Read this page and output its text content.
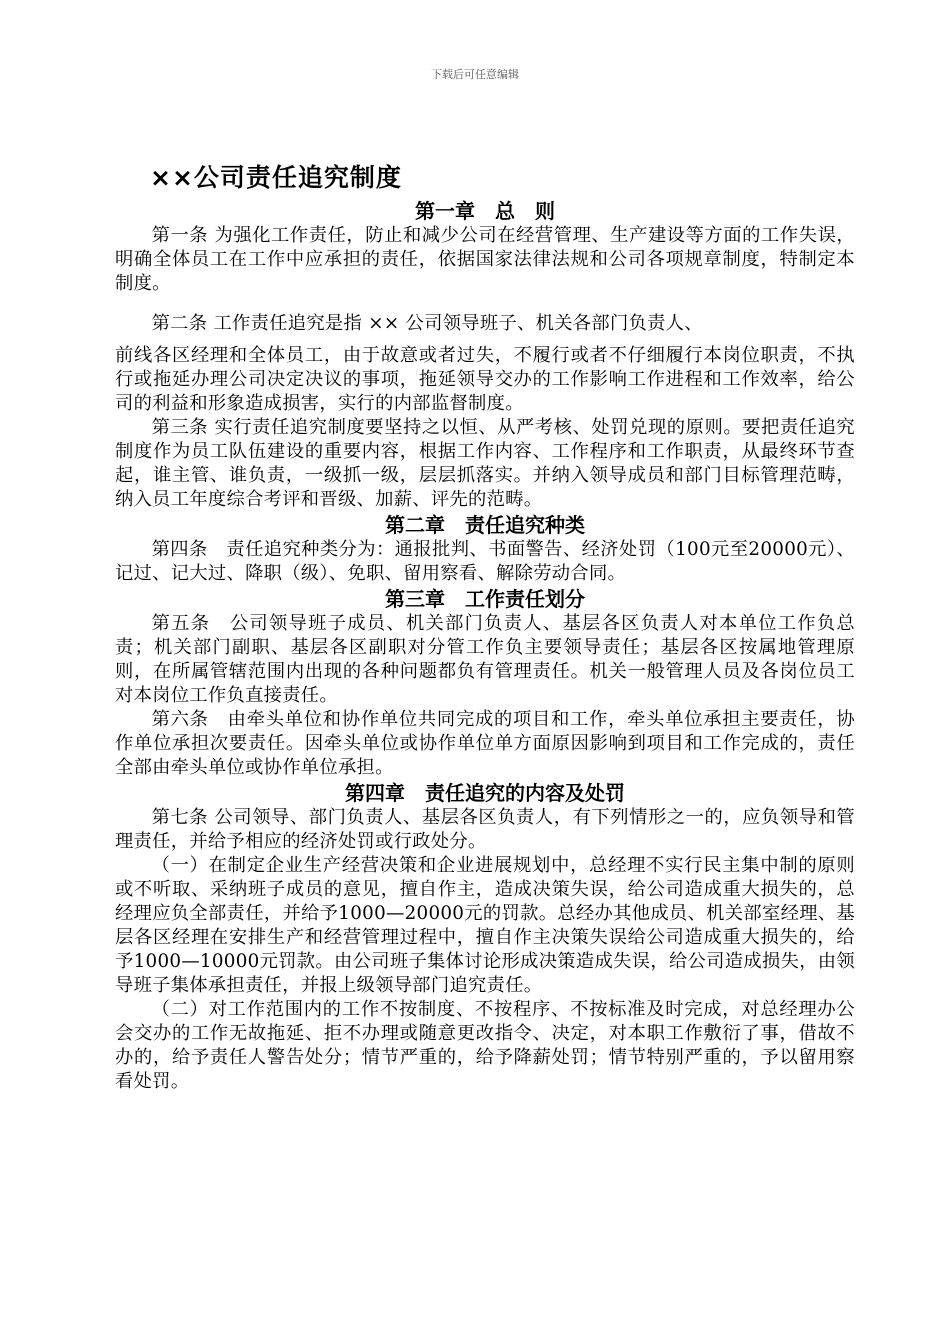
下载后可任意编辑
××公司责任追究制度
第一章　总　则

第一条 为强化工作责任，防止和减少公司在经营管理、生产建设等方面的工作失误，明确全体员工在工作中应承担的责任，依据国家法律法规和公司各项规章制度，特制定本制度。

第二条 工作责任追究是指 ×× 公司领导班子、机关各部门负责人、

前线各区经理和全体员工，由于故意或者过失，不履行或者不仔细履行本岗位职责，不执行或拖延办理公司决定决议的事项，拖延领导交办的工作影响工作进程和工作效率，给公司的利益和形象造成损害，实行的内部监督制度。

第三条 实行责任追究制度要坚持之以恒、从严考核、处罚兑现的原则。要把责任追究制度作为员工队伍建设的重要内容，根据工作内容、工作程序和工作职责，从最终环节查起，谁主管、谁负责，一级抓一级，层层抓落实。并纳入领导成员和部门目标管理范畴，纳入员工年度综合考评和晋级、加薪、评先的范畴。

第二章　责任追究种类

第四条　责任追究种类分为：通报批判、书面警告、经济处罚（100元至20000元）、记过、记大过、降职（级）、免职、留用察看、解除劳动合同。

第三章　工作责任划分

第五条　公司领导班子成员、机关部门负责人、基层各区负责人对本单位工作负总责；机关部门副职、基层各区副职对分管工作负主要领导责任；基层各区按属地管理原则，在所属管辖范围内出现的各种问题都负有管理责任。机关一般管理人员及各岗位员工对本岗位工作负直接责任。

第六条　由牵头单位和协作单位共同完成的项目和工作，牵头单位承担主要责任，协作单位承担次要责任。因牵头单位或协作单位单方面原因影响到项目和工作完成的，责任全部由牵头单位或协作单位承担。

第四章　责任追究的内容及处罚

第七条 公司领导、部门负责人、基层各区负责人，有下列情形之一的，应负领导和管理责任，并给予相应的经济处罚或行政处分。

（一）在制定企业生产经营决策和企业进展规划中，总经理不实行民主集中制的原则或不听取、采纳班子成员的意见，擅自作主，造成决策失误，给公司造成重大损失的，总经理应负全部责任，并给予1000—20000元的罚款。总经办其他成员、机关部室经理、基层各区经理在安排生产和经营管理过程中，擅自作主决策失误给公司造成重大损失的，给予1000—10000元罚款。由公司班子集体讨论形成决策造成失误，给公司造成损失，由领导班子集体承担责任，并报上级领导部门追究责任。

（二）对工作范围内的工作不按制度、不按程序、不按标准及时完成，对总经理办公会交办的工作无故拖延、拒不办理或随意更改指令、决定，对本职工作敷衍了事，借故不办的，给予责任人警告处分；情节严重的，给予降薪处罚；情节特别严重的，予以留用察看处罚。
